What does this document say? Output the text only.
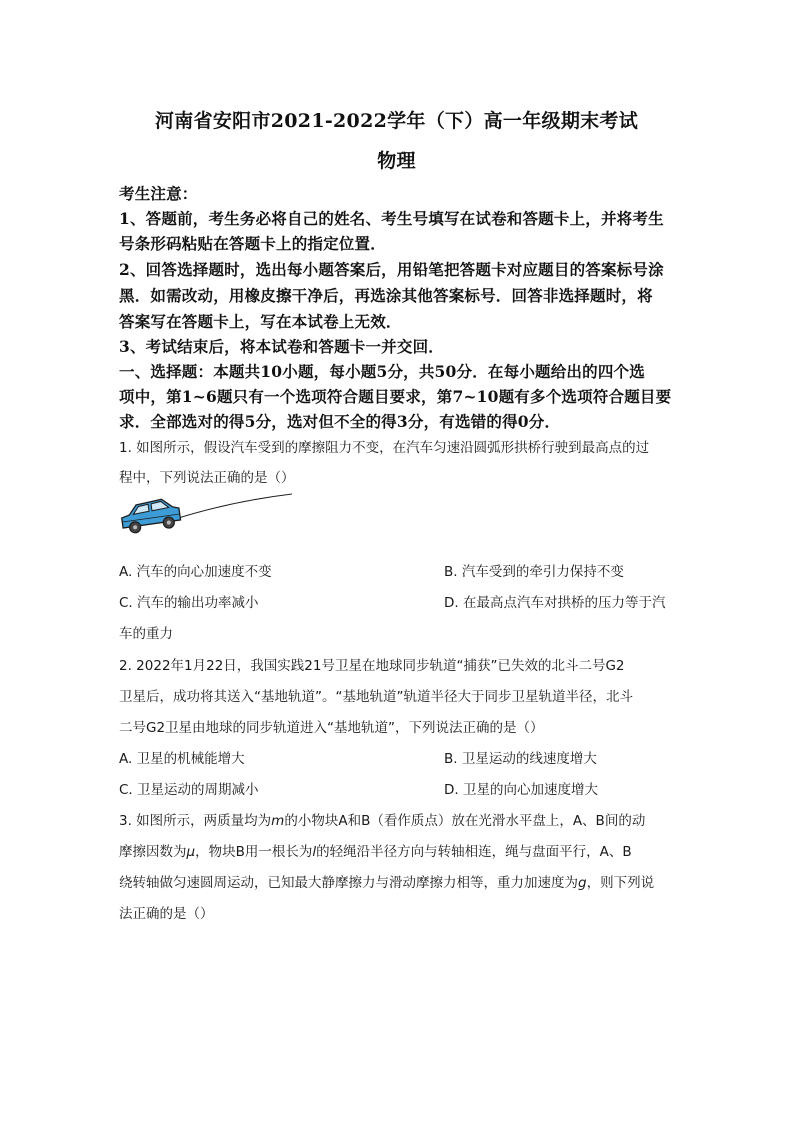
河南省安阳市2021-2022学年（下）高一年级期末考试
物理
考生注意：
1、答题前，考生务必将自己的姓名、考生号填写在试卷和答题卡上，并将考生
号条形码粘贴在答题卡上的指定位置．
2、回答选择题时，选出每小题答案后，用铅笔把答题卡对应题目的答案标号涂
黑．如需改动，用橡皮擦干净后，再选涂其他答案标号．回答非选择题时，将
答案写在答题卡上，写在本试卷上无效．
3、考试结束后，将本试卷和答题卡一并交回．
一、选择题：本题共10小题，每小题5分，共50分．在每小题给出的四个选
项中，第1~6题只有一个选项符合题目要求，第7~10题有多个选项符合题目要
求．全部选对的得5分，选对但不全的得3分，有选错的得0分．
1. 如图所示，假设汽车受到的摩擦阻力不变，在汽车匀速沿圆弧形拱桥行驶到最高点的过
程中，下列说法正确的是（）
A. 汽车的向心加速度不变	B. 汽车受到的牵引力保持不变
C. 汽车的输出功率减小	D. 在最高点汽车对拱桥的压力等于汽
车的重力
2. 2022年1月22日，我国实践21号卫星在地球同步轨道“捕获”已失效的北斗二号G2
卫星后，成功将其送入“基地轨道”。“基地轨道”轨道半径大于同步卫星轨道半径，北斗
二号G2卫星由地球的同步轨道进入“基地轨道”，下列说法正确的是（）
A. 卫星的机械能增大	B. 卫星运动的线速度增大
C. 卫星运动的周期减小	D. 卫星的向心加速度增大
3. 如图所示，两质量均为m的小物块A和B（看作质点）放在光滑水平盘上，A、B间的动
摩擦因数为μ，物块B用一根长为l的轻绳沿半径方向与转轴相连，绳与盘面平行，A、B
绕转轴做匀速圆周运动，已知最大静摩擦力与滑动摩擦力相等，重力加速度为g，则下列说
法正确的是（）
